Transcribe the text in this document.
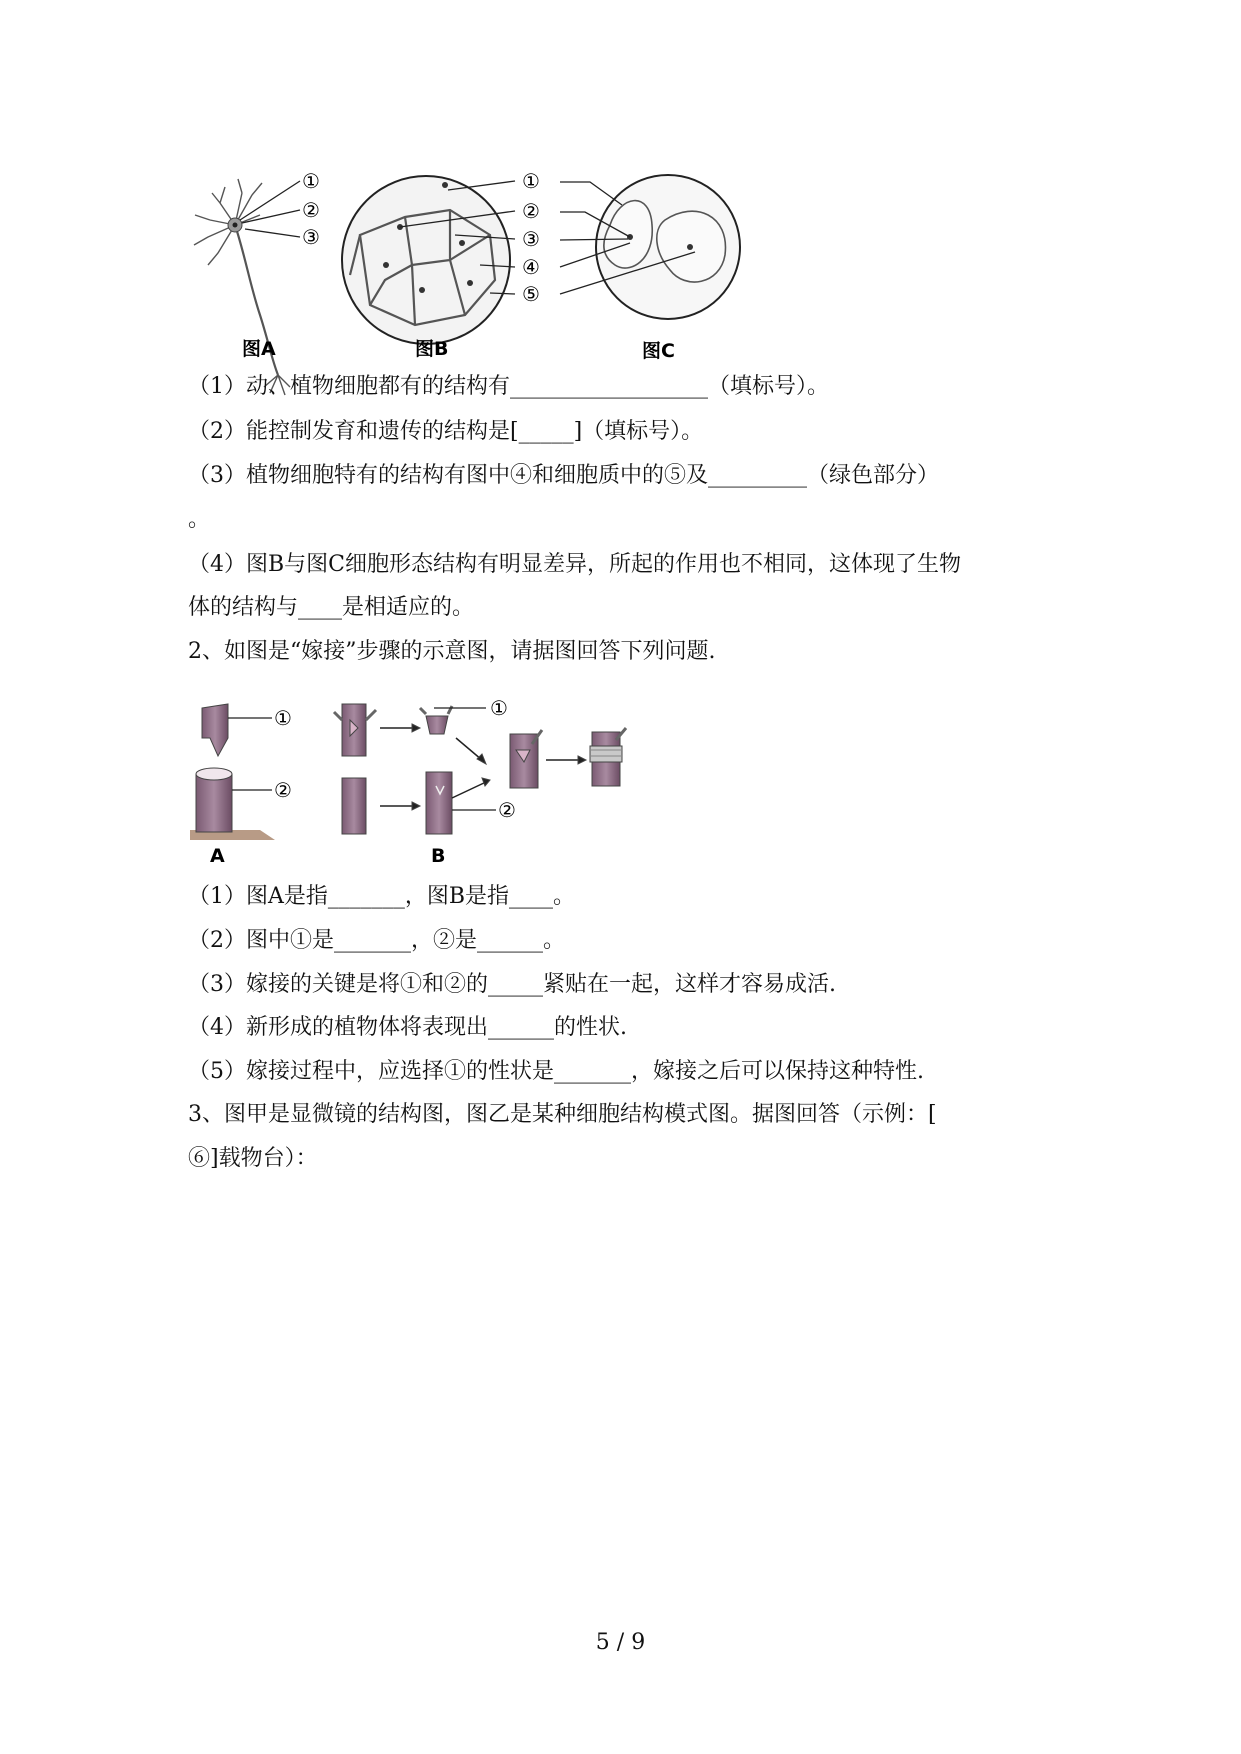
①
②
③
①
②
③
④
⑤
图A	图B	图C
（1）动、植物细胞都有的结构有__________________（填标号）。
（2）能控制发育和遗传的结构是[_____]（填标号）。
（3）植物细胞特有的结构有图中④和细胞质中的⑤及_________（绿色部分）
。
（4）图B与图C细胞形态结构有明显差异，所起的作用也不相同，这体现了生物
体的结构与____是相适应的。
2、如图是“嫁接”步骤的示意图，请据图回答下列问题.
①
②
①
②
A	B
（1）图A是指_______，图B是指____。
（2）图中①是_______，②是______。
（3）嫁接的关键是将①和②的_____紧贴在一起，这样才容易成活.
（4）新形成的植物体将表现出______的性状.
（5）嫁接过程中，应选择①的性状是_______，嫁接之后可以保持这种特性.
3、图甲是显微镜的结构图，图乙是某种细胞结构模式图。据图回答（示例：[
⑥]载物台）：
5 / 9
